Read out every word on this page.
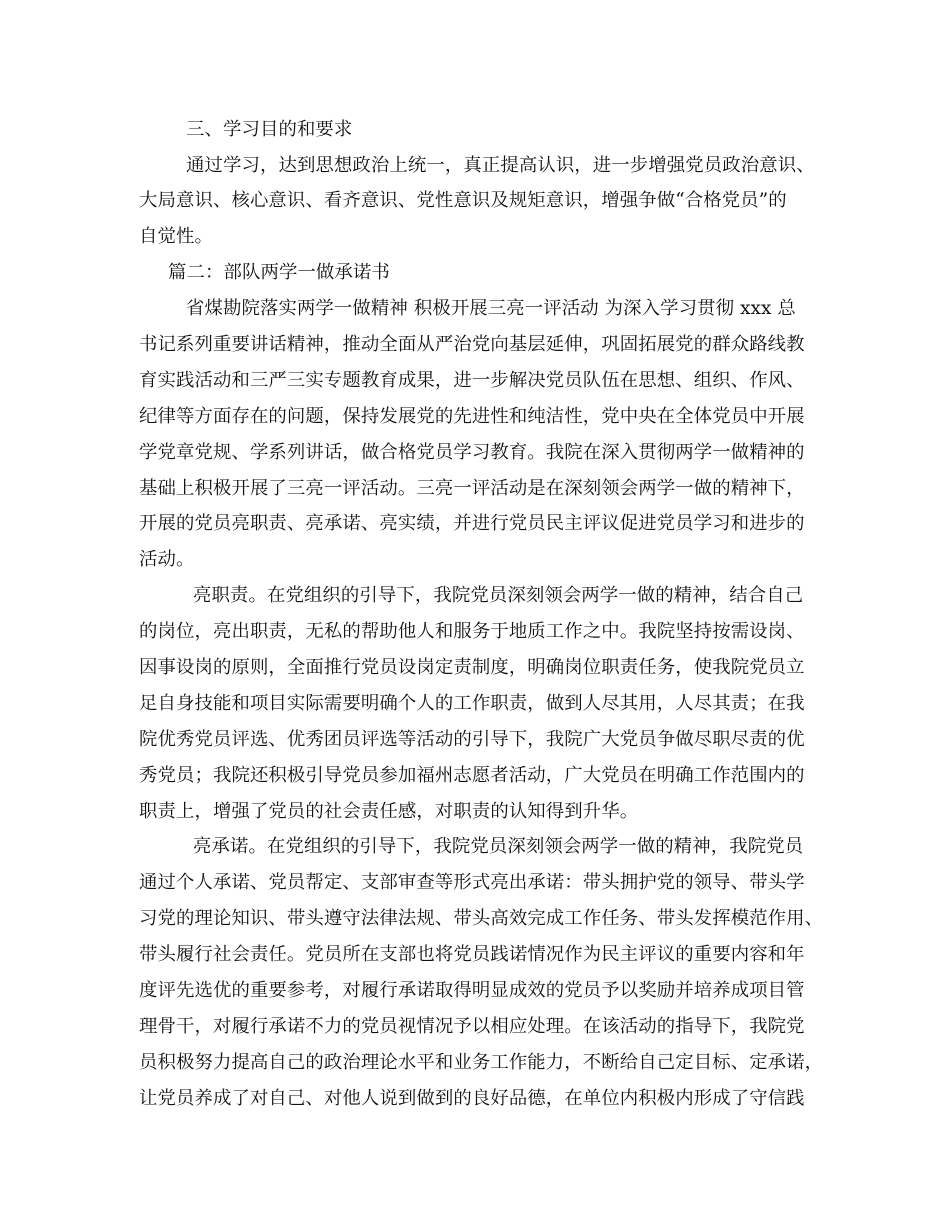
三、学习目的和要求
通过学习，达到思想政治上统一，真正提高认识，进一步增强党员政治意识、
大局意识、核心意识、看齐意识、党性意识及规矩意识，增强争做“合格党员”的
自觉性。
篇二：部队两学一做承诺书
省煤勘院落实两学一做精神 积极开展三亮一评活动 为深入学习贯彻 xxx 总
书记系列重要讲话精神，推动全面从严治党向基层延伸，巩固拓展党的群众路线教
育实践活动和三严三实专题教育成果，进一步解决党员队伍在思想、组织、作风、
纪律等方面存在的问题，保持发展党的先进性和纯洁性，党中央在全体党员中开展
学党章党规、学系列讲话，做合格党员学习教育。我院在深入贯彻两学一做精神的
基础上积极开展了三亮一评活动。三亮一评活动是在深刻领会两学一做的精神下，
开展的党员亮职责、亮承诺、亮实绩，并进行党员民主评议促进党员学习和进步的
活动。
亮职责。在党组织的引导下，我院党员深刻领会两学一做的精神，结合自己
的岗位，亮出职责，无私的帮助他人和服务于地质工作之中。我院坚持按需设岗、
因事设岗的原则，全面推行党员设岗定责制度，明确岗位职责任务，使我院党员立
足自身技能和项目实际需要明确个人的工作职责，做到人尽其用，人尽其责；在我
院优秀党员评选、优秀团员评选等活动的引导下，我院广大党员争做尽职尽责的优
秀党员；我院还积极引导党员参加福州志愿者活动，广大党员在明确工作范围内的
职责上，增强了党员的社会责任感，对职责的认知得到升华。
亮承诺。在党组织的引导下，我院党员深刻领会两学一做的精神，我院党员
通过个人承诺、党员帮定、支部审查等形式亮出承诺：带头拥护党的领导、带头学
习党的理论知识、带头遵守法律法规、带头高效完成工作任务、带头发挥模范作用、
带头履行社会责任。党员所在支部也将党员践诺情况作为民主评议的重要内容和年
度评先选优的重要参考，对履行承诺取得明显成效的党员予以奖励并培养成项目管
理骨干，对履行承诺不力的党员视情况予以相应处理。在该活动的指导下，我院党
员积极努力提高自己的政治理论水平和业务工作能力，不断给自己定目标、定承诺，
让党员养成了对自己、对他人说到做到的良好品德，在单位内积极内形成了守信践
